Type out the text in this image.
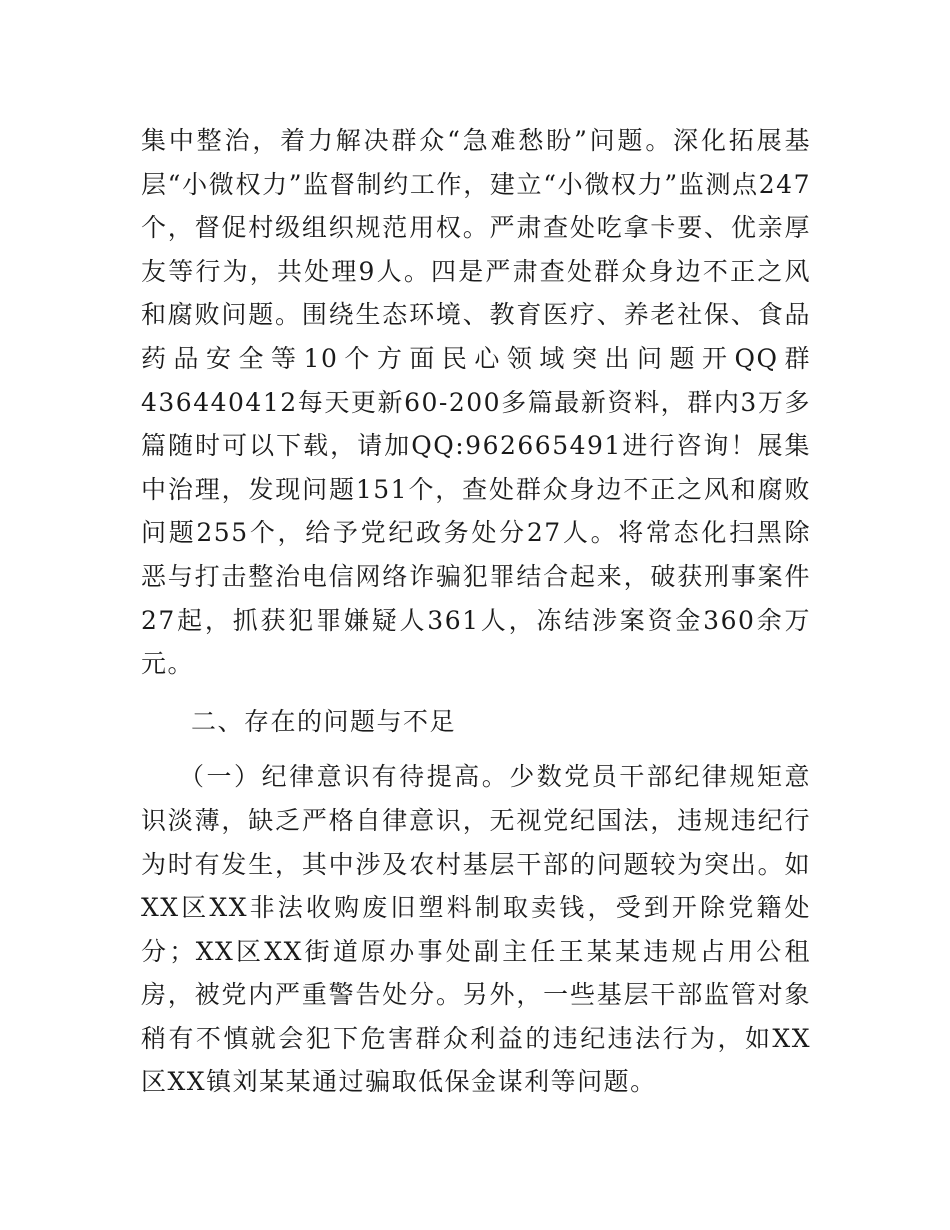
集中整治，着力解决群众“急难愁盼”问题。深化拓展基层“小微权力”监督制约工作，建立“小微权力”监测点247个，督促村级组织规范用权。严肃查处吃拿卡要、优亲厚友等行为，共处理9人。四是严肃查处群众身边不正之风和腐败问题。围绕生态环境、教育医疗、养老社保、食品药品安全等10个方面民心领域突出问题开QQ群436440412每天更新60-200多篇最新资料，群内3万多篇随时可以下载，请加QQ:962665491进行咨询！展集中治理，发现问题151个，查处群众身边不正之风和腐败问题255个，给予党纪政务处分27人。将常态化扫黑除恶与打击整治电信网络诈骗犯罪结合起来，破获刑事案件27起，抓获犯罪嫌疑人361人，冻结涉案资金360余万元。

二、存在的问题与不足

（一）纪律意识有待提高。少数党员干部纪律规矩意识淡薄，缺乏严格自律意识，无视党纪国法，违规违纪行为时有发生，其中涉及农村基层干部的问题较为突出。如XX区XX非法收购废旧塑料制取卖钱，受到开除党籍处分；XX区XX街道原办事处副主任王某某违规占用公租房，被党内严重警告处分。另外，一些基层干部监管对象稍有不慎就会犯下危害群众利益的违纪违法行为，如XX区XX镇刘某某通过骗取低保金谋利等问题。
